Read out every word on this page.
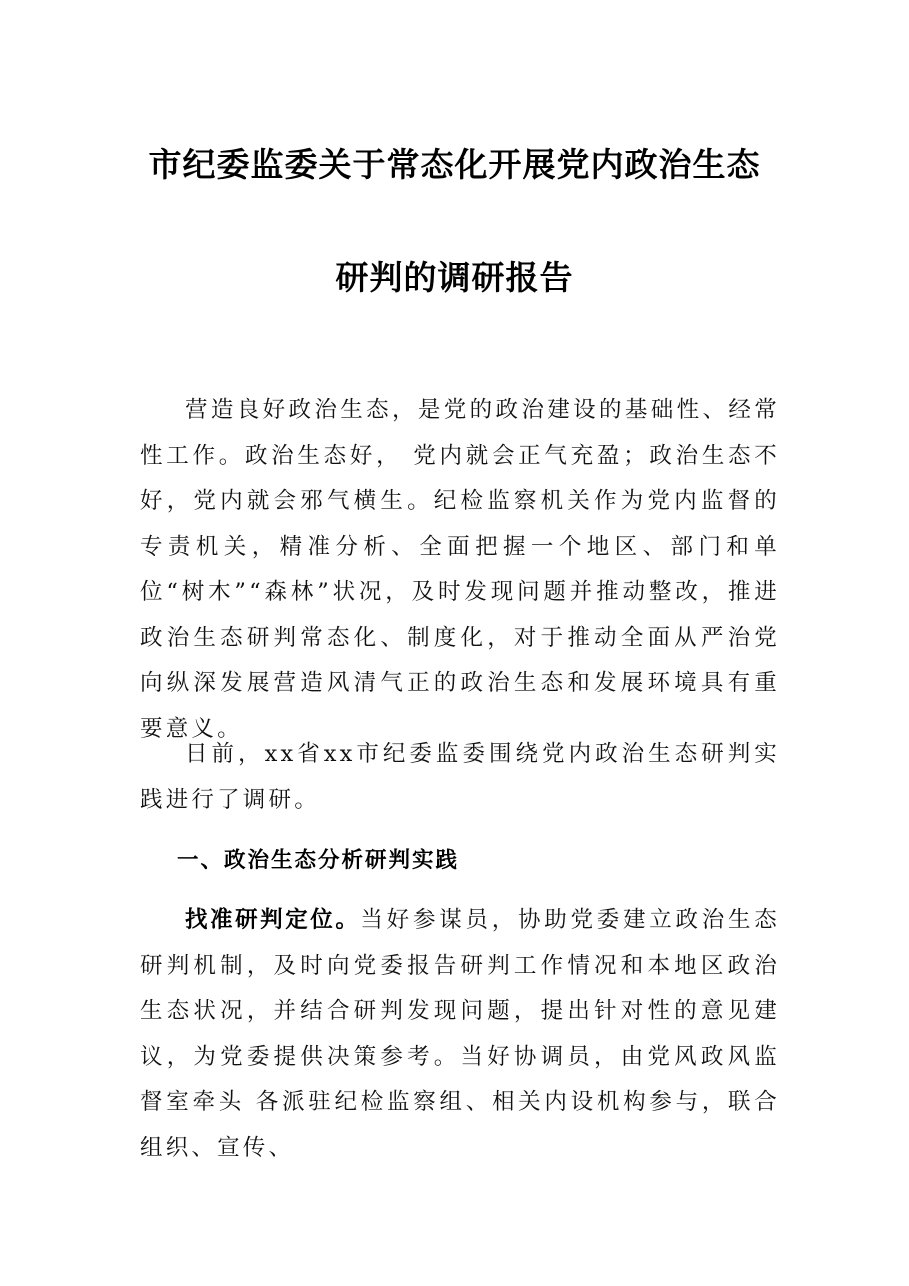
市纪委监委关于常态化开展党内政治生态
研判的调研报告

营造良好政治生态，是党的政治建设的基础性、经常性工作。政治生态好， 党内就会正气充盈；政治生态不好，党内就会邪气横生。纪检监察机关作为党内监督的专责机关，精准分析、全面把握一个地区、部门和单位“树木”“森林”状况，及时发现问题并推动整改，推进政治生态研判常态化、制度化，对于推动全面从严治党向纵深发展营造风清气正的政治生态和发展环境具有重要意义。

日前，xx省xx市纪委监委围绕党内政治生态研判实践进行了调研。

一、政治生态分析研判实践

找准研判定位。当好参谋员，协助党委建立政治生态研判机制，及时向党委报告研判工作情况和本地区政治生态状况，并结合研判发现问题，提出针对性的意见建议，为党委提供决策参考。当好协调员，由党风政风监督室牵头 各派驻纪检监察组、相关内设机构参与，联合组织、宣传、
